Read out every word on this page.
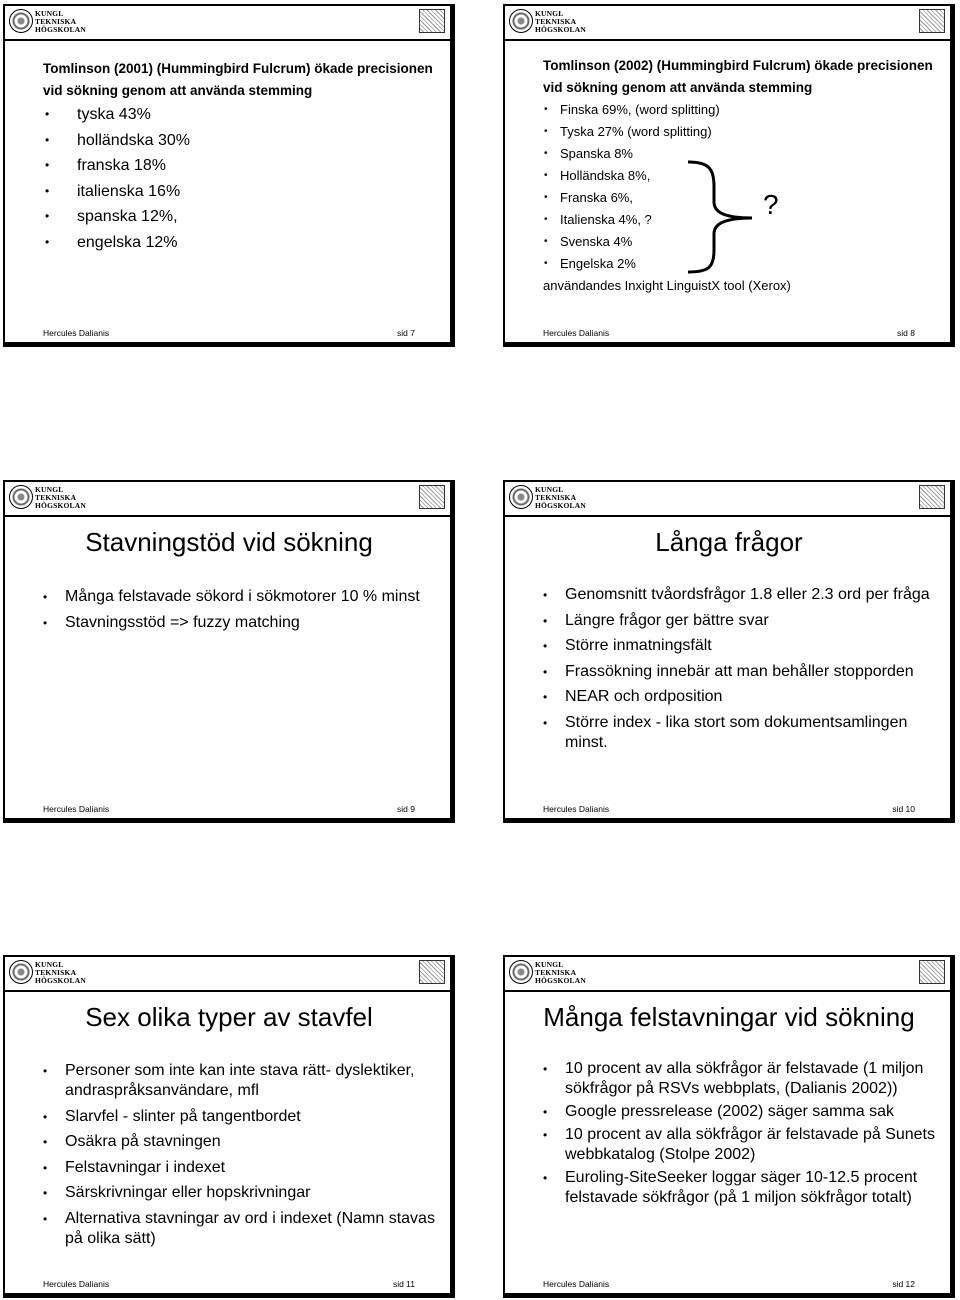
KUNGL
TEKNISKA
HÖGSKOLAN
Tomlinson (2001) (Hummingbird Fulcrum) ökade precisionen vid sökning genom att använda stemming
• tyska 43%
• holländska 30%
• franska 18%
• italienska 16%
• spanska 12%,
• engelska 12%
Hercules Dalianis	sid 7
KUNGL
TEKNISKA
HÖGSKOLAN
Tomlinson (2002) (Hummingbird Fulcrum) ökade precisionen vid sökning genom att använda stemming
• Finska 69%, (word splitting)
• Tyska 27% (word splitting)
• Spanska 8%
• Holländska 8%,
• Franska 6%,
• Italienska 4%, ?
• Svenska 4%
• Engelska 2%
användandes Inxight LinguistX tool (Xerox)
Hercules Dalianis	sid 8
?
KUNGL
TEKNISKA
HÖGSKOLAN
Stavningstöd vid sökning
• Många felstavade sökord i sökmotorer 10 % minst
• Stavningsstöd => fuzzy matching
Hercules Dalianis	sid 9
KUNGL
TEKNISKA
HÖGSKOLAN
Långa frågor
• Genomsnitt tvåordsfrågor 1.8 eller 2.3 ord per fråga
• Längre frågor ger bättre svar
• Större inmatningsfält
• Frassökning innebär att man behåller stopporden
• NEAR och ordposition
• Större index - lika stort som dokumentsamlingen minst.
Hercules Dalianis	sid 10
KUNGL
TEKNISKA
HÖGSKOLAN
Sex olika typer av stavfel
• Personer som inte kan inte stava rätt- dyslektiker, andraspråksanvändare, mfl
• Slarvfel - slinter på tangentbordet
• Osäkra på stavningen
• Felstavningar i indexet
• Särskrivningar eller hopskrivningar
• Alternativa stavningar av ord i indexet (Namn stavas på olika sätt)
Hercules Dalianis	sid 11
KUNGL
TEKNISKA
HÖGSKOLAN
Många felstavningar vid sökning
• 10 procent av alla sökfrågor är felstavade (1 miljon sökfrågor på RSVs webbplats, (Dalianis 2002))
• Google pressrelease (2002) säger samma sak
• 10 procent av alla sökfrågor är felstavade på Sunets webbkatalog (Stolpe 2002)
• Euroling-SiteSeeker loggar säger 10-12.5 procent felstavade sökfrågor (på 1 miljon sökfrågor totalt)
Hercules Dalianis	sid 12
